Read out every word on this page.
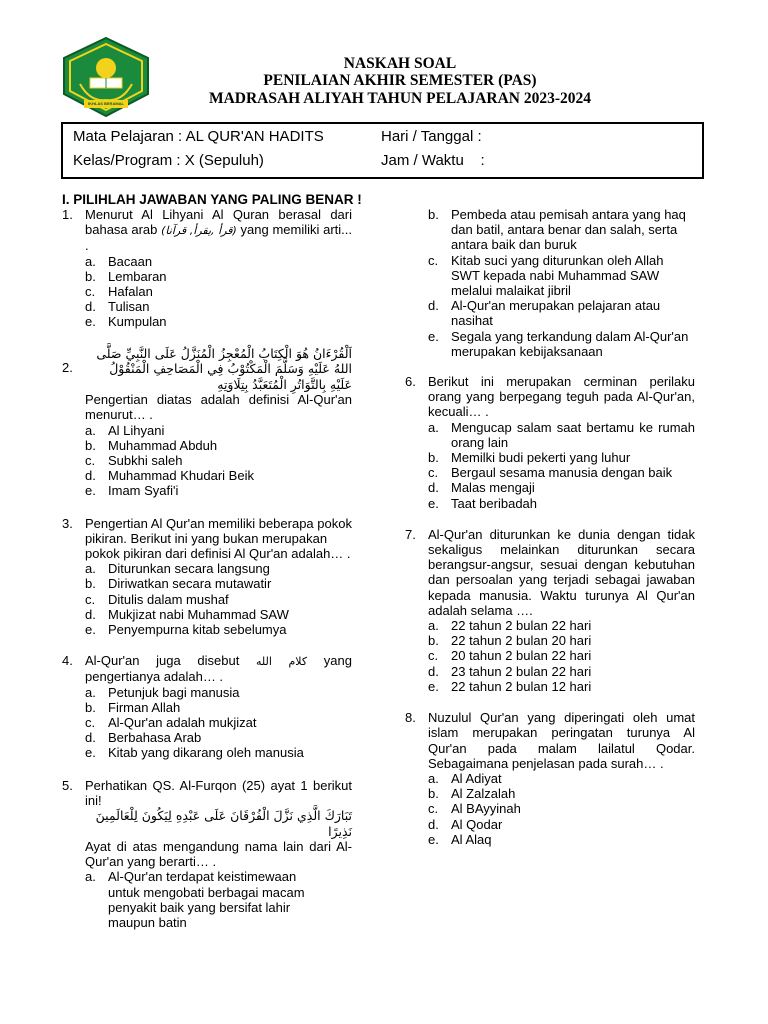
IKHLAS BERAMAL
NASKAH SOAL
PENILAIAN AKHIR SEMESTER (PAS)
MADRASAH ALIYAH TAHUN PELAJARAN 2023-2024
Mata Pelajaran : AL QUR'AN HADITS
Kelas/Program : X (Sepuluh)
Hari / Tanggal :
Jam / Waktu    :
I. PILIHLAH JAWABAN YANG PALING BENAR !
1. Menurut Al Lihyani Al Quran berasal dari bahasa arab (قرأ ,يقرأ, قرآنا) yang memiliki arti... .
a. Bacaan
b. Lembaran
c. Hafalan
d. Tulisan
e. Kumpulan
2.
اَلْقُرْءَانُ هُوَ الْكِتَابُ الْمُعْجِزُ الْمُنَزَّلُ عَلَى النَّبِيِّ صَلَّى اللهُ عَلَيْهِ وَسَلَّمَ الْمَكْتُوْبُ فِي الْمَصَاحِفِ الْمَنْقُوْلُ عَلَيْهِ بِالتَّوَاتُرِ الْمُتَعَبَّدُ بِتِلَاوَتِهِ
Pengertian diatas adalah definisi Al-Qur'an menurut… .
a. Al Lihyani
b. Muhammad Abduh
c. Subkhi saleh
d. Muhammad Khudari Beik
e. Imam Syafi'i
3. Pengertian Al Qur'an memiliki beberapa pokok pikiran. Berikut ini yang bukan merupakan pokok pikiran dari definisi Al Qur'an adalah… .
a. Diturunkan secara langsung
b. Diriwatkan secara mutawatir
c. Ditulis dalam mushaf
d. Mukjizat nabi Muhammad SAW
e. Penyempurna kitab sebelumya
4. Al-Qur'an juga disebut كلام الله yang pengertianya adalah… .
a. Petunjuk bagi manusia
b. Firman Allah
c. Al-Qur'an adalah mukjizat
d. Berbahasa Arab
e. Kitab yang dikarang oleh manusia
5. Perhatikan QS. Al-Furqon (25) ayat 1 berikut ini!
تَبَارَكَ الَّذِي نَزَّلَ الْفُرْقَانَ عَلَى عَبْدِهِ لِيَكُونَ لِلْعَالَمِينَ نَذِيرًا
Ayat di atas mengandung nama lain dari Al-Qur'an yang berarti… .
a. Al-Qur'an terdapat keistimewaan untuk mengobati berbagai macam penyakit baik yang bersifat lahir maupun batin
b. Pembeda atau pemisah antara yang haq dan batil, antara benar dan salah, serta antara baik dan buruk
c. Kitab suci yang diturunkan oleh Allah SWT kepada nabi Muhammad SAW melalui malaikat jibril
d. Al-Qur'an merupakan pelajaran atau nasihat
e. Segala yang terkandung dalam Al-Qur'an merupakan kebijaksanaan
6. Berikut ini merupakan cerminan perilaku orang yang berpegang teguh pada Al-Qur'an, kecuali… .
a. Mengucap salam saat bertamu ke rumah orang lain
b. Memilki budi pekerti yang luhur
c. Bergaul sesama manusia dengan baik
d. Malas mengaji
e. Taat beribadah
7. Al-Qur'an diturunkan ke dunia dengan tidak sekaligus melainkan diturunkan secara berangsur-angsur, sesuai dengan kebutuhan dan persoalan yang terjadi sebagai jawaban kepada manusia. Waktu turunya Al Qur'an adalah selama ….
a. 22 tahun 2 bulan 22 hari
b. 22 tahun 2 bulan 20 hari
c. 20 tahun 2 bulan 22 hari
d. 23 tahun 2 bulan 22 hari
e. 22 tahun 2 bulan 12 hari
8. Nuzulul Qur'an yang diperingati oleh umat islam merupakan peringatan turunya Al Qur'an pada malam lailatul Qodar. Sebagaimana penjelasan pada surah… .
a. Al Adiyat
b. Al Zalzalah
c. Al BAyyinah
d. Al Qodar
e. Al Alaq
